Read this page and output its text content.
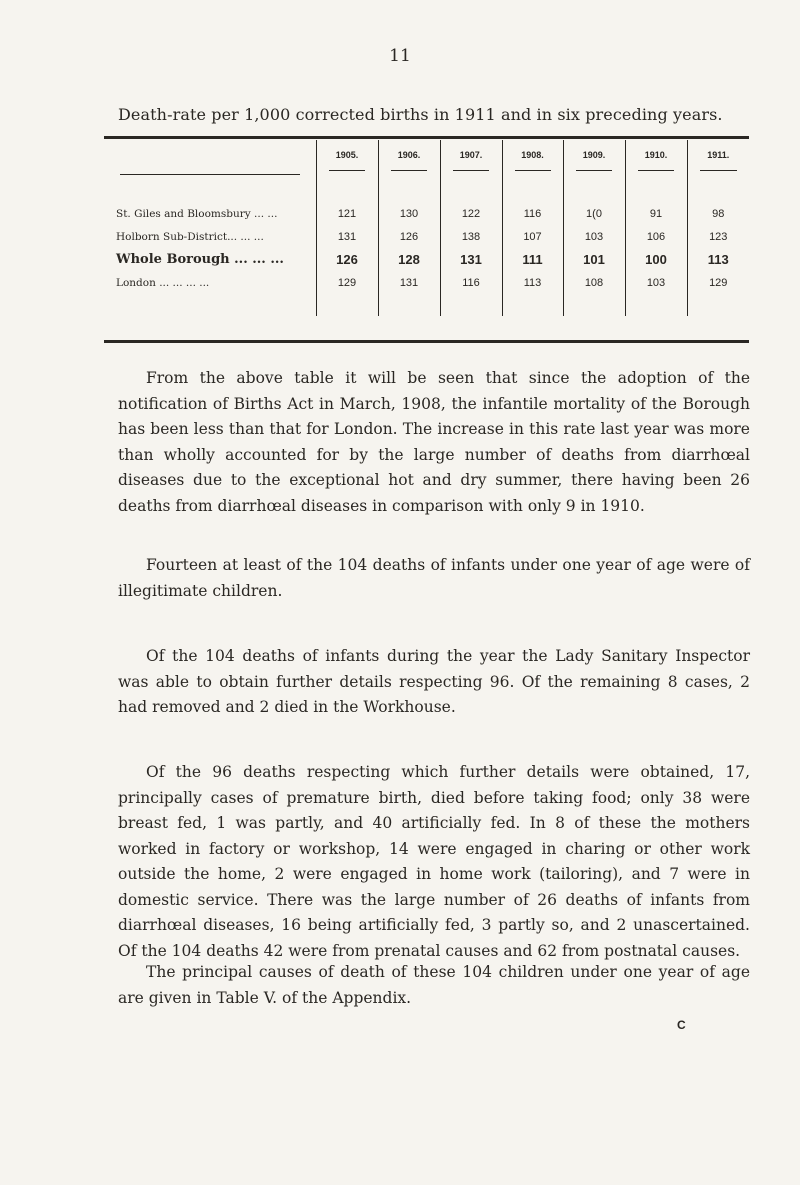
11
Death-rate per 1,000 corrected births in 1911 and in six preceding years.
	1905.	1906.	1907.	1908.	1909.	1910.	1911.

St. Giles and Bloomsbury ... ...	121	130	122	116	1(0	91	98
Holborn Sub-District... ... ...	131	126	138	107	103	106	123
Whole Borough ... ... ...	126	128	131	111	101	100	113
London ... ... ... ...	129	131	116	113	108	103	129

From the above table it will be seen that since the adoption of the notification of Births Act in March, 1908, the infantile mortality of the Borough has been less than that for London. The increase in this rate last year was more than wholly accounted for by the large number of deaths from diarrhœal diseases due to the exceptional hot and dry summer, there having been 26 deaths from diarrhœal diseases in comparison with only 9 in 1910.

Fourteen at least of the 104 deaths of infants under one year of age were of illegitimate children.

Of the 104 deaths of infants during the year the Lady Sanitary Inspector was able to obtain further details respecting 96. Of the remaining 8 cases, 2 had removed and 2 died in the Workhouse.

Of the 96 deaths respecting which further details were obtained, 17, principally cases of premature birth, died before taking food; only 38 were breast fed, 1 was partly, and 40 artificially fed. In 8 of these the mothers worked in factory or workshop, 14 were engaged in charing or other work outside the home, 2 were engaged in home work (tailoring), and 7 were in domestic service. There was the large number of 26 deaths of infants from diarrhœal diseases, 16 being artificially fed, 3 partly so, and 2 unascertained. Of the 104 deaths 42 were from prenatal causes and 62 from postnatal causes.

The principal causes of death of these 104 children under one year of age are given in Table V. of the Appendix.

C
